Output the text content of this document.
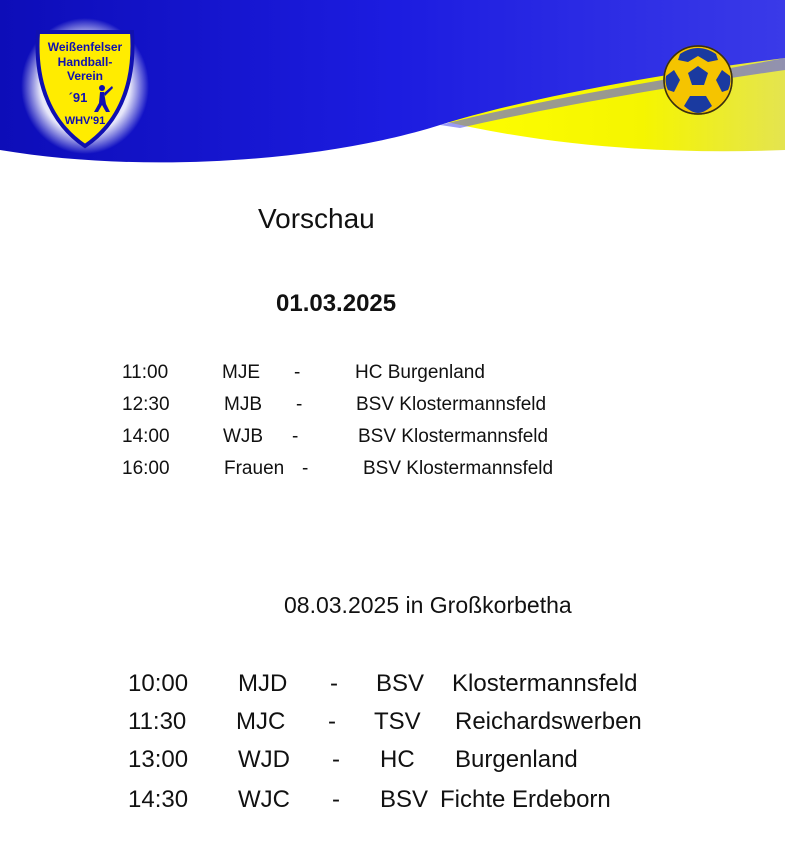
Weißenfelser
Handball-
Verein
´91
WHV'91
Vorschau
01.03.2025
11:00	MJE -	HC Burgenland
12:30	MJB -	BSV Klostermannsfeld
14:00	WJB -	BSV Klostermannsfeld
16:00	Frauen -	BSV Klostermannsfeld
08.03.2025 in Großkorbetha
10:00 MJD - BSV Klostermannsfeld
11:30 MJC - TSV Reichardswerben
13:00 WJD - HC Burgenland
14:30 WJC - BSV Fichte Erdeborn
